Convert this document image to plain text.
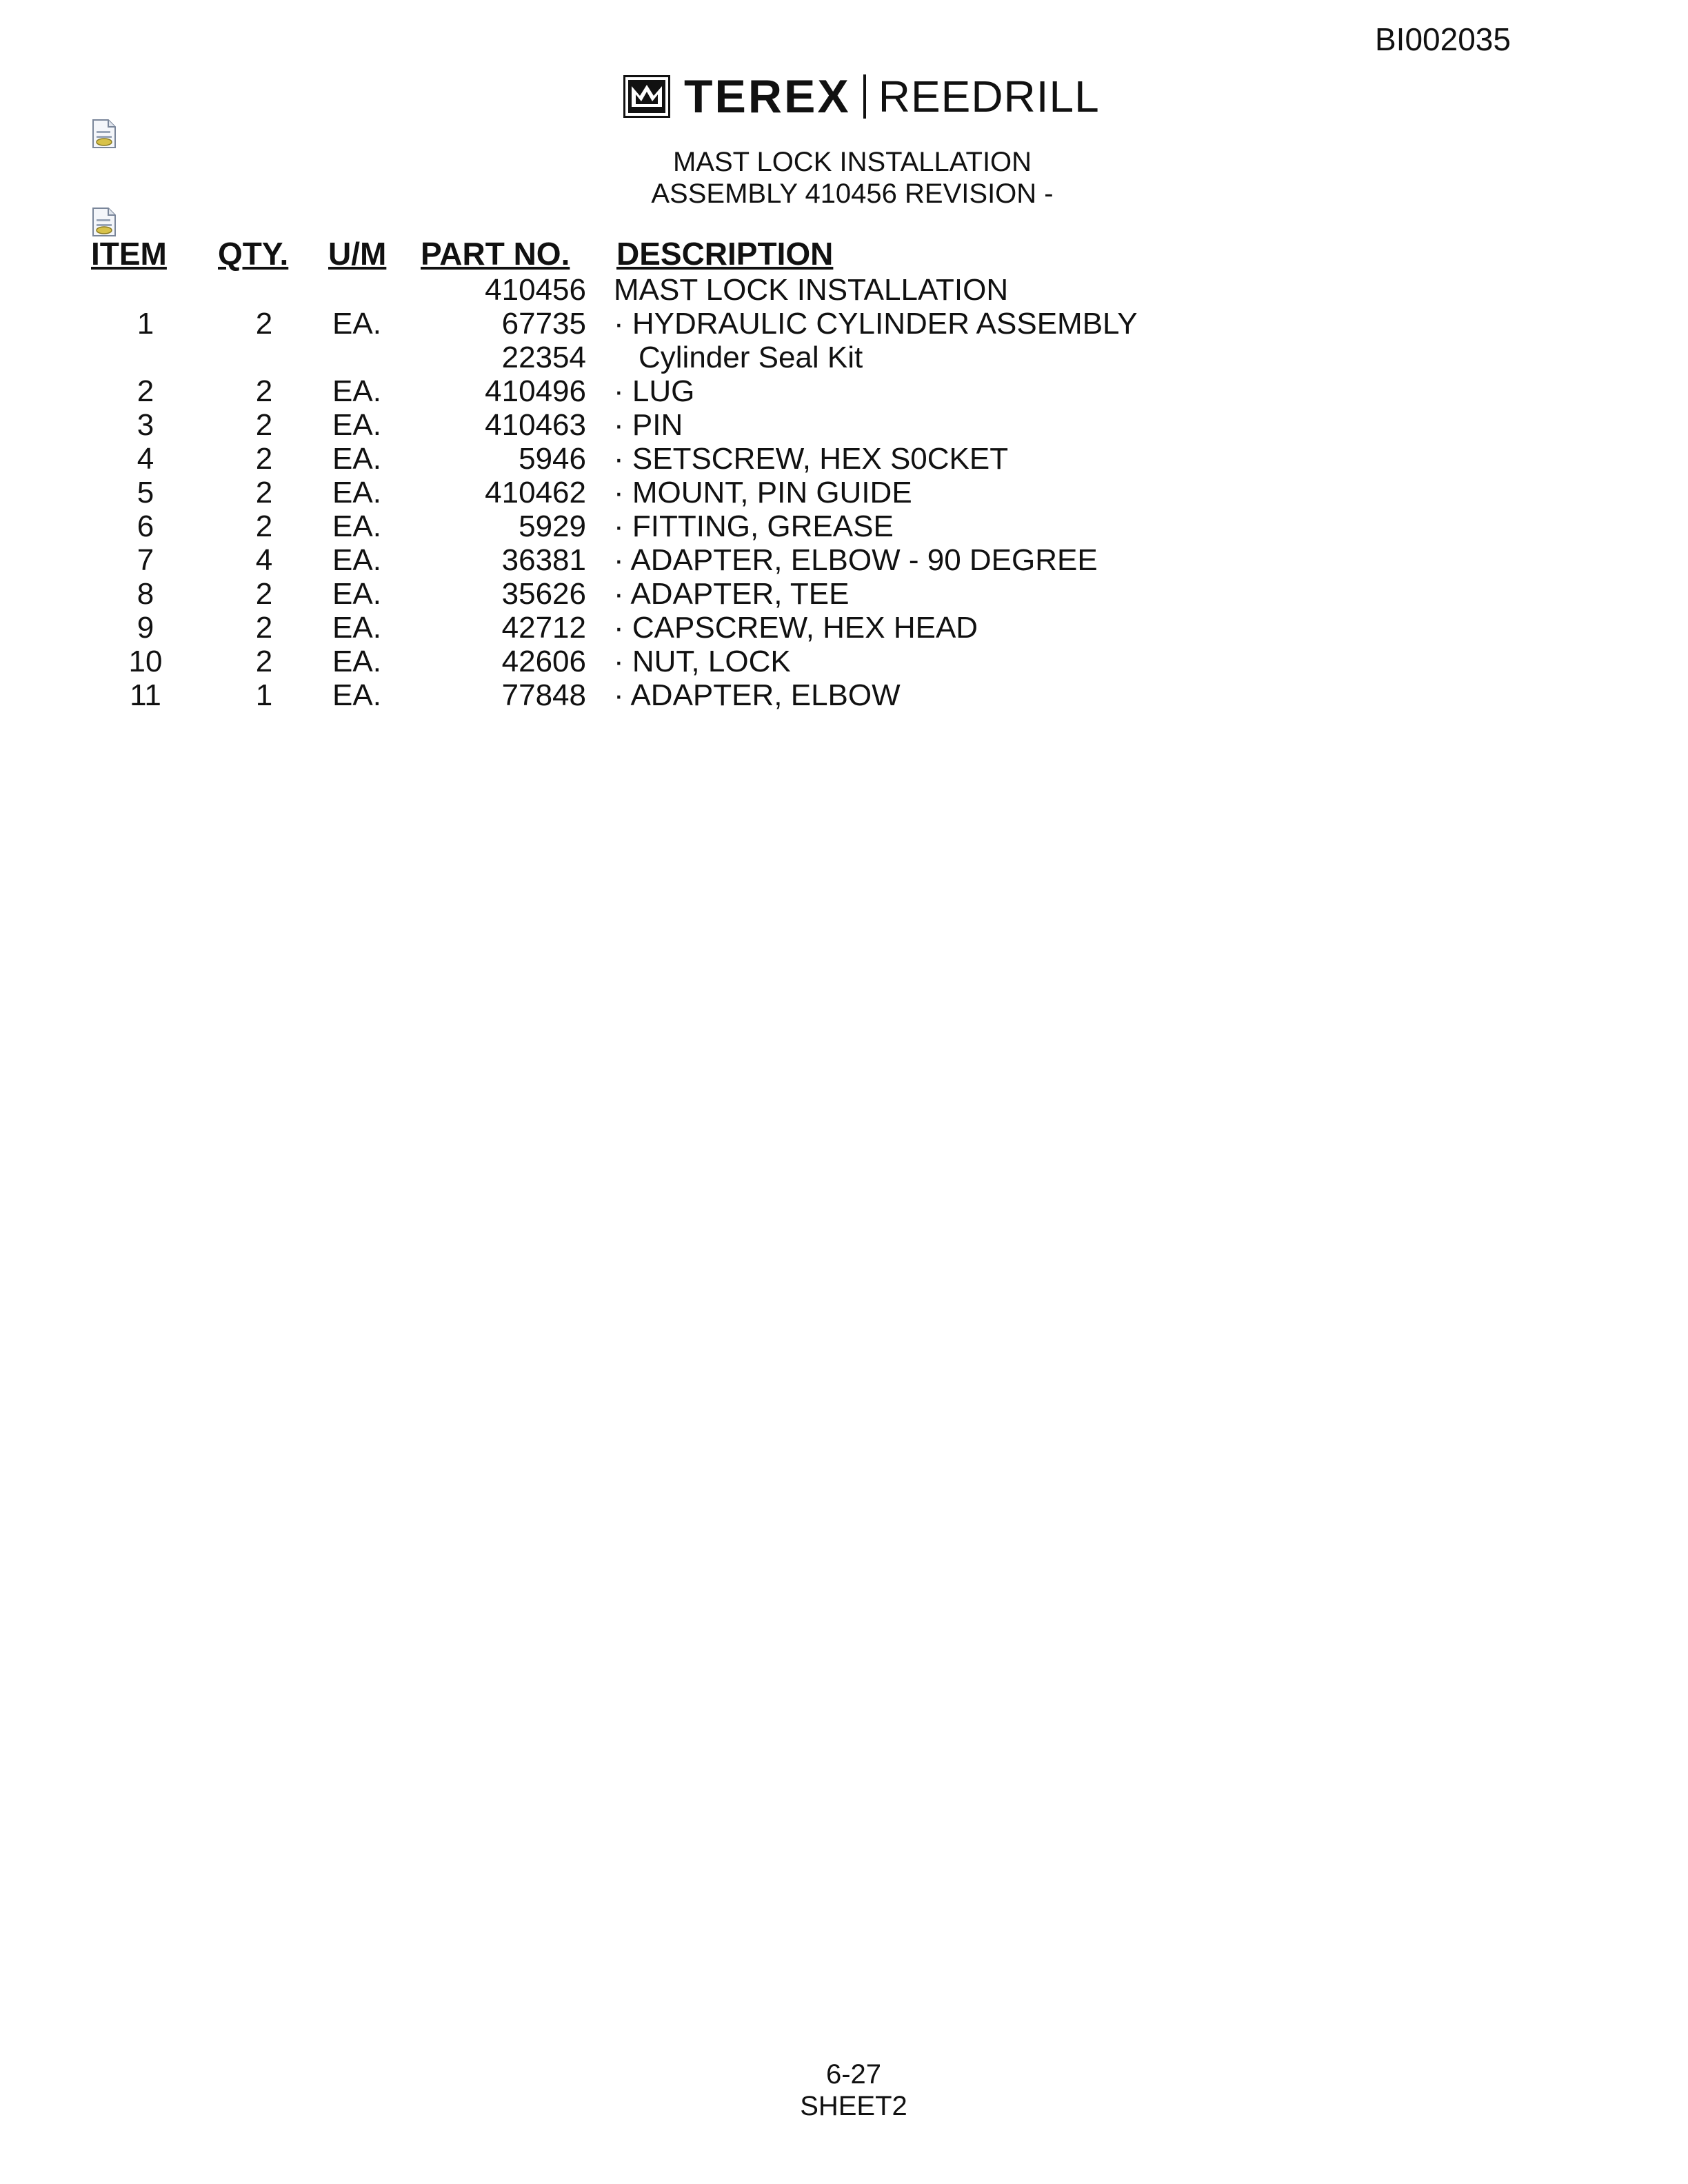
BI002035
TEREX REEDRILL
MAST LOCK INSTALLATION
ASSEMBLY 410456 REVISION -
ITEM	QTY.	U/M	PART NO.	DESCRIPTION
			410456	MAST LOCK INSTALLATION
1	2	EA.	67735	· HYDRAULIC CYLINDER ASSEMBLY
			22354	Cylinder Seal Kit
2	2	EA.	410496	· LUG
3	2	EA.	410463	· PIN
4	2	EA.	5946	· SETSCREW, HEX S0CKET
5	2	EA.	410462	· MOUNT, PIN GUIDE
6	2	EA.	5929	· FITTING, GREASE
7	4	EA.	36381	· ADAPTER, ELBOW - 90 DEGREE
8	2	EA.	35626	· ADAPTER, TEE
9	2	EA.	42712	· CAPSCREW, HEX HEAD
10	2	EA.	42606	· NUT, LOCK
11	1	EA.	77848	· ADAPTER, ELBOW
6-27
SHEET2
